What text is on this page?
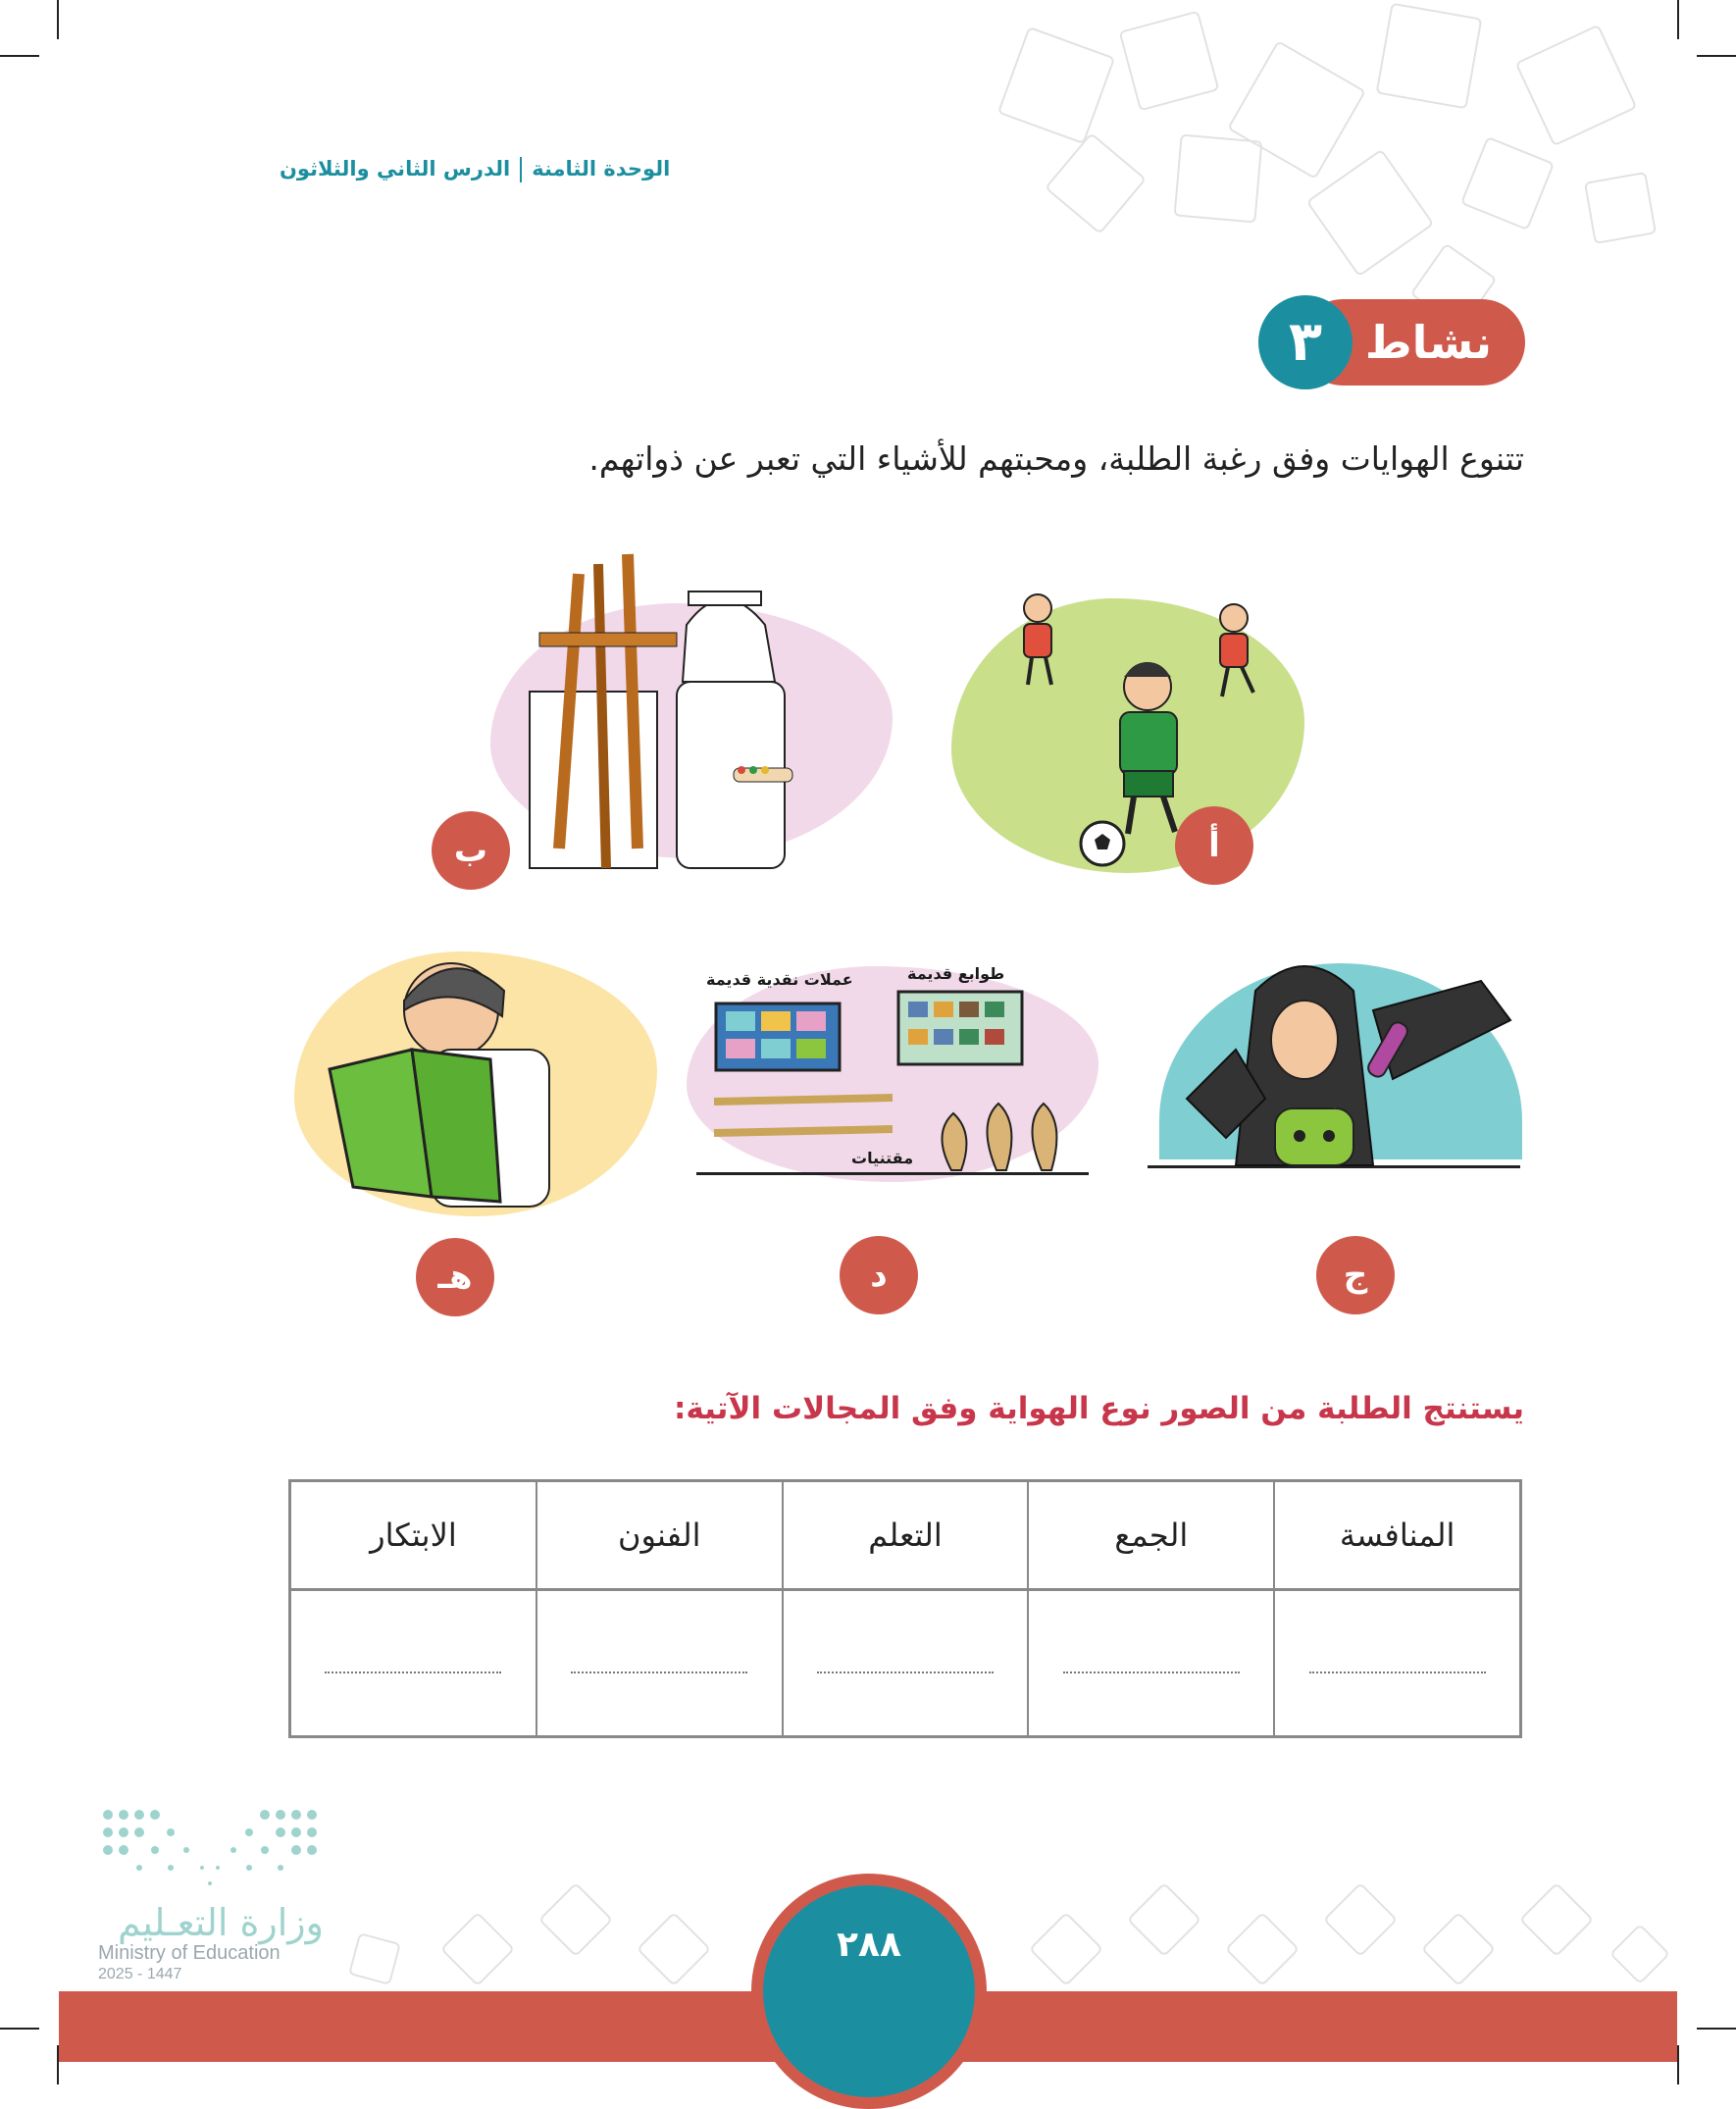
الوحدة الثامنةالدرس الثاني والثلاثون
نشاط
٣
تتنوع الهوايات وفق رغبة الطلبة، ومحبتهم للأشياء التي تعبر عن ذواتهم.
أ
ب
ج
عملات نقدية قديمة	طوابع قديمة
مقتنيات
د
هـ
يستنتج الطلبة من الصور نوع الهواية وفق المجالات الآتية:
المنافسة
الجمع
التعلم
الفنون
الابتكار
٢٨٨
وزارة التعـليم
Ministry of Education
2025 - 1447
